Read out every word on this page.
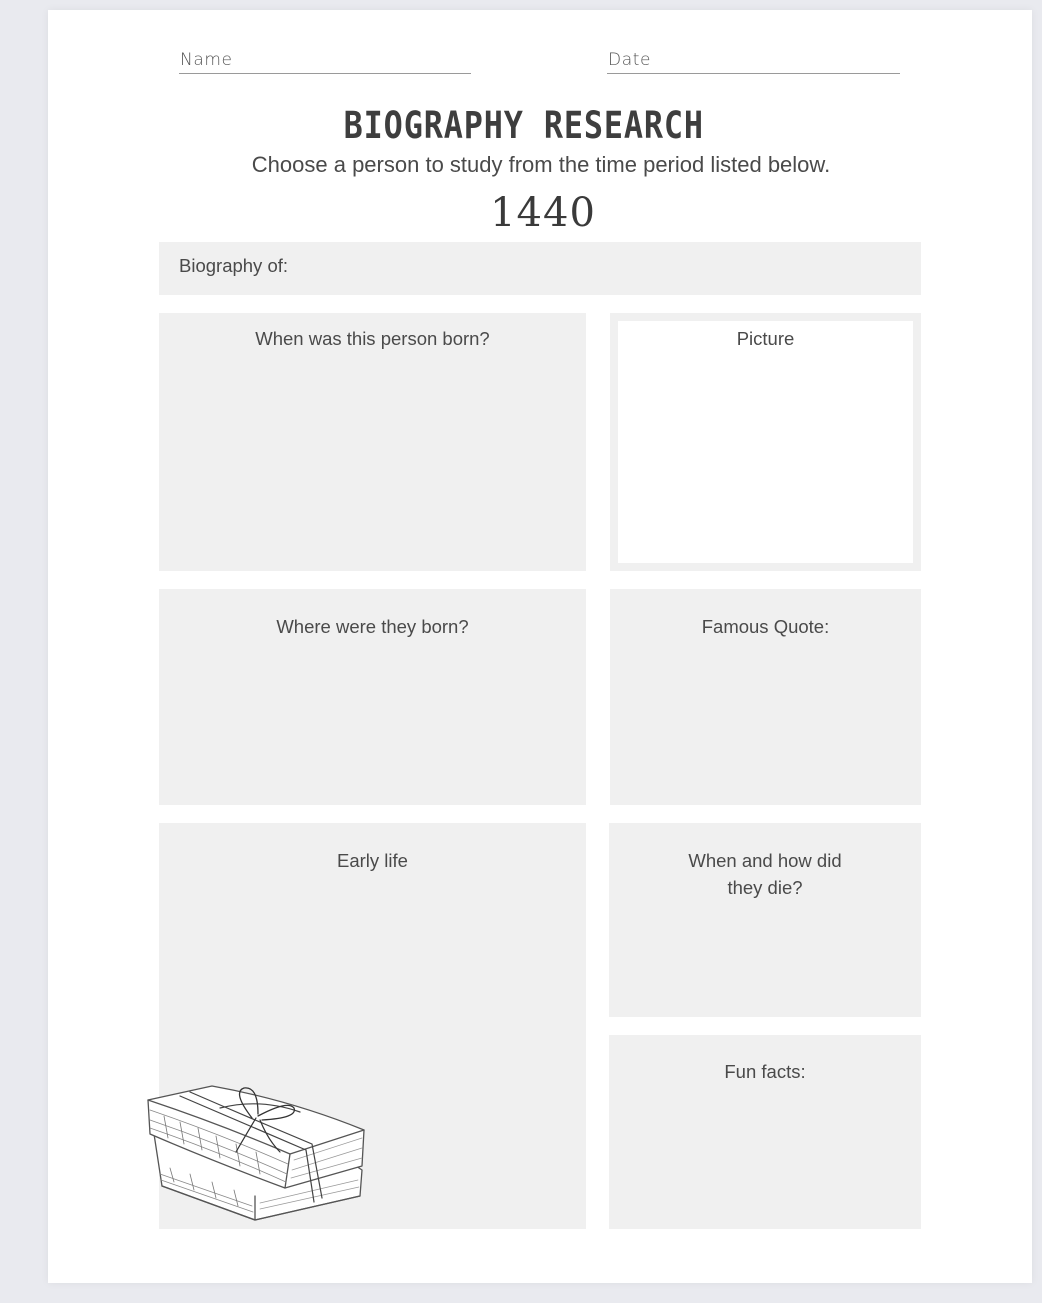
Name	Date
BIOGRAPHY RESEARCH
Choose a person to study from the time period listed below.
1440
Biography of:
When was this person born?	Picture
Where were they born?	Famous Quote:
Early life	When and how did
they die?
Fun facts:
